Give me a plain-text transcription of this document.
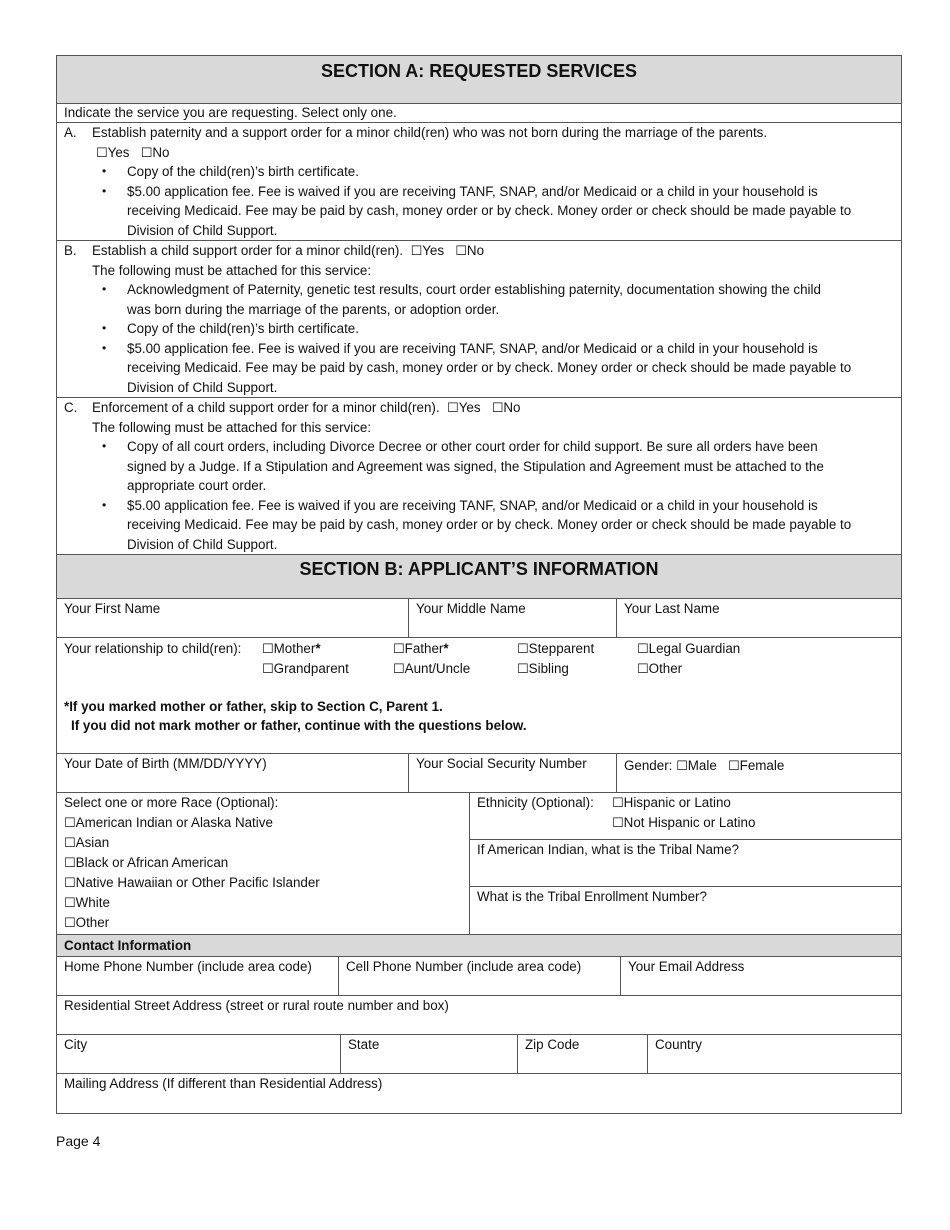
SECTION A: REQUESTED SERVICES
Indicate the service you are requesting. Select only one.
A. Establish paternity and a support order for a minor child(ren) who was not born during the marriage of the parents.
☐Yes ☐No
• Copy of the child(ren)’s birth certificate.
• $5.00 application fee. Fee is waived if you are receiving TANF, SNAP, and/or Medicaid or a child in your household is
receiving Medicaid. Fee may be paid by cash, money order or by check. Money order or check should be made payable to
Division of Child Support.
B. Establish a child support order for a minor child(ren). ☐Yes ☐No
The following must be attached for this service:
• Acknowledgment of Paternity, genetic test results, court order establishing paternity, documentation showing the child
was born during the marriage of the parents, or adoption order.
• Copy of the child(ren)’s birth certificate.
• $5.00 application fee. Fee is waived if you are receiving TANF, SNAP, and/or Medicaid or a child in your household is
receiving Medicaid. Fee may be paid by cash, money order or by check. Money order or check should be made payable to
Division of Child Support.
C. Enforcement of a child support order for a minor child(ren). ☐Yes ☐No
The following must be attached for this service:
• Copy of all court orders, including Divorce Decree or other court order for child support. Be sure all orders have been
signed by a Judge. If a Stipulation and Agreement was signed, the Stipulation and Agreement must be attached to the
appropriate court order.
• $5.00 application fee. Fee is waived if you are receiving TANF, SNAP, and/or Medicaid or a child in your household is
receiving Medicaid. Fee may be paid by cash, money order or by check. Money order or check should be made payable to
Division of Child Support.
SECTION B: APPLICANT’S INFORMATION
Your First Name	Your Middle Name	Your Last Name
Your relationship to child(ren): ☐Mother*	☐Father*	☐Stepparent	☐Legal Guardian
☐Grandparent	☐Aunt/Uncle	☐Sibling	☐Other
*If you marked mother or father, skip to Section C, Parent 1.
If you did not mark mother or father, continue with the questions below.
Your Date of Birth (MM/DD/YYYY)	Your Social Security Number	Gender: ☐Male ☐Female
Select one or more Race (Optional):
☐American Indian or Alaska Native
☐Asian
☐Black or African American
☐Native Hawaiian or Other Pacific Islander
☐White
☐Other
Ethnicity (Optional): ☐Hispanic or Latino
☐Not Hispanic or Latino
If American Indian, what is the Tribal Name?
What is the Tribal Enrollment Number?
Contact Information
Home Phone Number (include area code)	Cell Phone Number (include area code)	Your Email Address
Residential Street Address (street or rural route number and box)
City	State	Zip Code	Country
Mailing Address (If different than Residential Address)
Page 4
